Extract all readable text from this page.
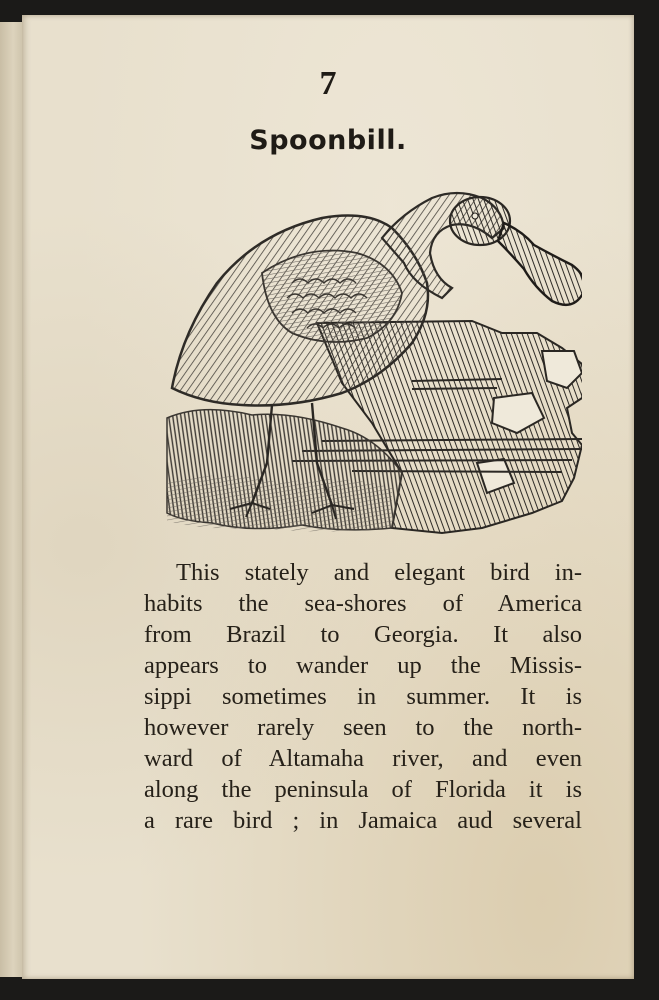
7
Spoonbill.
This stately and elegant bird in-
habits the sea-shores of America
from Brazil to Georgia. It also
appears to wander up the Missis-
sippi sometimes in summer. It is
however rarely seen to the north-
ward of Altamaha river, and even
along the peninsula of Florida it is
a rare bird ; in Jamaica aud several
